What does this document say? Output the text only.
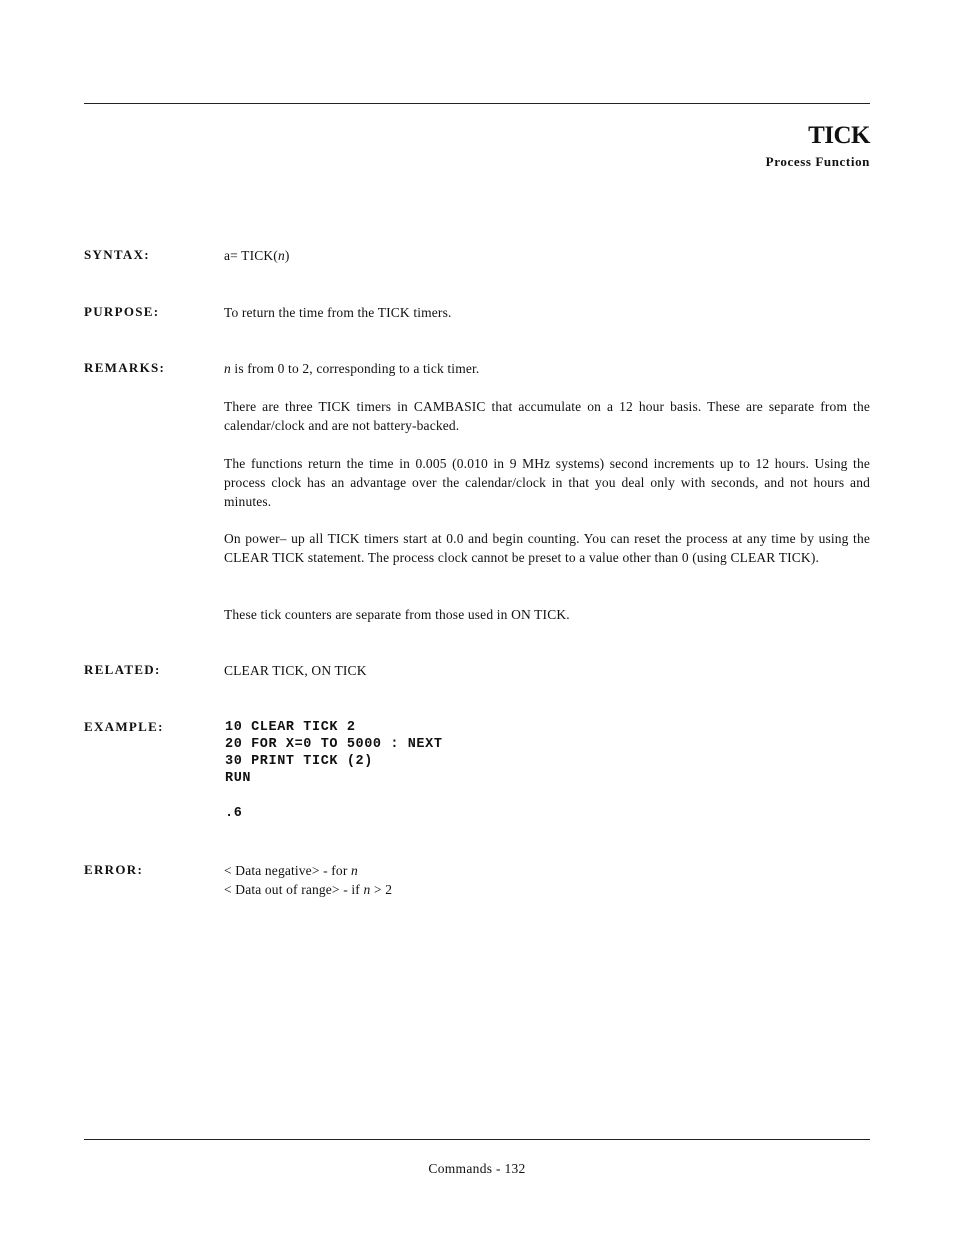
TICK
Process Function
SYNTAX:	a= TICK(n)
PURPOSE:	To return the time from the TICK timers.
REMARKS:	n is from 0 to 2, corresponding to a tick timer.

There are three TICK timers in CAMBASIC that accumulate on a 12 hour basis. These are separate from the calendar/clock and are not battery-backed.

The functions return the time in 0.005 (0.010 in 9 MHz systems) second increments up to 12 hours. Using the process clock has an advantage over the calendar/clock in that you deal only with seconds, and not hours and minutes.

On power– up all TICK timers start at 0.0 and begin counting. You can reset the process at any time by using the CLEAR TICK statement. The process clock cannot be preset to a value other than 0 (using CLEAR TICK).

These tick counters are separate from those used in ON TICK.

RELATED:	CLEAR TICK, ON TICK
EXAMPLE:	10 CLEAR TICK 2
20 FOR X=0 TO 5000 : NEXT
30 PRINT TICK (2)
RUN
.6
ERROR:	< Data negative> - for n
< Data out of range> - if n > 2
Commands - 132
